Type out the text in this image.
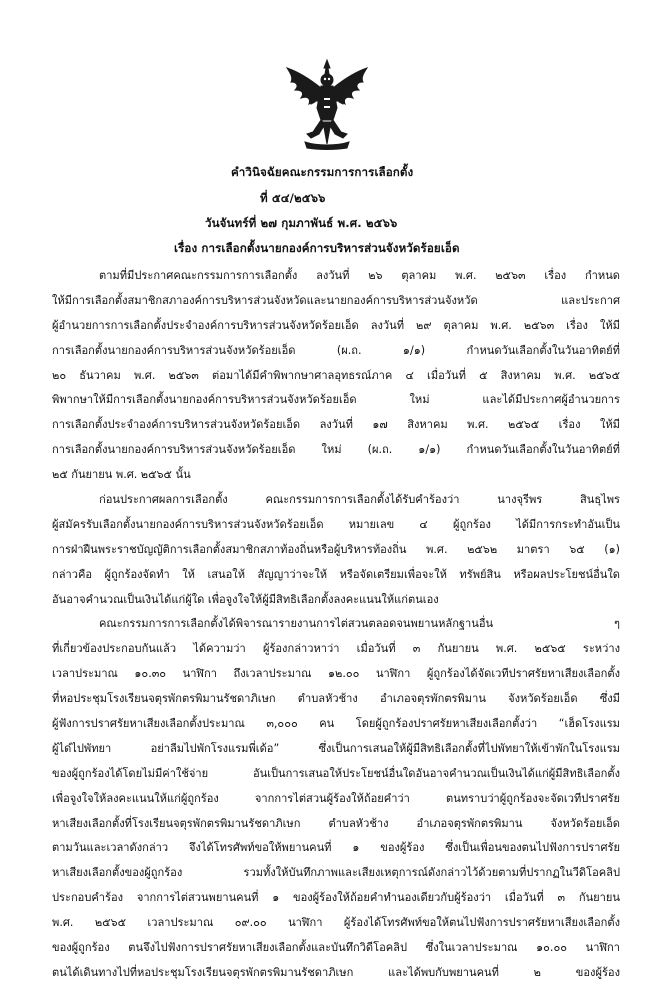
คำวินิจฉัยคณะกรรมการการเลือกตั้ง
ที่ ๕๔/๒๕๖๖
วันจันทร์ที่ ๒๗ กุมภาพันธ์ พ.ศ. ๒๕๖๖
เรื่อง การเลือกตั้งนายกองค์การบริหารส่วนจังหวัดร้อยเอ็ด
ตามที่มีประกาศคณะกรรมการการเลือกตั้ง ลงวันที่ ๒๖ ตุลาคม พ.ศ. ๒๕๖๓ เรื่อง กำหนด
ให้มีการเลือกตั้งสมาชิกสภาองค์การบริหารส่วนจังหวัดและนายกองค์การบริหารส่วนจังหวัด และประกาศ
ผู้อำนวยการการเลือกตั้งประจำองค์การบริหารส่วนจังหวัดร้อยเอ็ด ลงวันที่ ๒๙ ตุลาคม พ.ศ. ๒๕๖๓ เรื่อง ให้มี
การเลือกตั้งนายกองค์การบริหารส่วนจังหวัดร้อยเอ็ด (ผ.ถ. ๑/๑) กำหนดวันเลือกตั้งในวันอาทิตย์ที่
๒๐ ธันวาคม พ.ศ. ๒๕๖๓ ต่อมาได้มีคำพิพากษาศาลอุทธรณ์ภาค ๔ เมื่อวันที่ ๕ สิงหาคม พ.ศ. ๒๕๖๕
พิพากษาให้มีการเลือกตั้งนายกองค์การบริหารส่วนจังหวัดร้อยเอ็ด ใหม่ และได้มีประกาศผู้อำนวยการ
การเลือกตั้งประจำองค์การบริหารส่วนจังหวัดร้อยเอ็ด ลงวันที่ ๑๗ สิงหาคม พ.ศ. ๒๕๖๕ เรื่อง ให้มี
การเลือกตั้งนายกองค์การบริหารส่วนจังหวัดร้อยเอ็ด ใหม่ (ผ.ถ. ๑/๑) กำหนดวันเลือกตั้งในวันอาทิตย์ที่
๒๕ กันยายน พ.ศ. ๒๕๖๕ นั้น
ก่อนประกาศผลการเลือกตั้ง คณะกรรมการการเลือกตั้งได้รับคำร้องว่า นางจุรีพร สินธุไพร
ผู้สมัครรับเลือกตั้งนายกองค์การบริหารส่วนจังหวัดร้อยเอ็ด หมายเลข ๔ ผู้ถูกร้อง ได้มีการกระทำอันเป็น
การฝ่าฝืนพระราชบัญญัติการเลือกตั้งสมาชิกสภาท้องถิ่นหรือผู้บริหารท้องถิ่น พ.ศ. ๒๕๖๒ มาตรา ๖๕ (๑)
กล่าวคือ ผู้ถูกร้องจัดทำ ให้ เสนอให้ สัญญาว่าจะให้ หรือจัดเตรียมเพื่อจะให้ ทรัพย์สิน หรือผลประโยชน์อื่นใด
อันอาจคำนวณเป็นเงินได้แก่ผู้ใด เพื่อจูงใจให้ผู้มีสิทธิเลือกตั้งลงคะแนนให้แก่ตนเอง
คณะกรรมการการเลือกตั้งได้พิจารณารายงานการไต่สวนตลอดจนพยานหลักฐานอื่น ๆ
ที่เกี่ยวข้องประกอบกันแล้ว ได้ความว่า ผู้ร้องกล่าวหาว่า เมื่อวันที่ ๓ กันยายน พ.ศ. ๒๕๖๕ ระหว่าง
เวลาประมาณ ๑๐.๓๐ นาฬิกา ถึงเวลาประมาณ ๑๒.๐๐ นาฬิกา ผู้ถูกร้องได้จัดเวทีปราศรัยหาเสียงเลือกตั้ง
ที่หอประชุมโรงเรียนจตุรพักตรพิมานรัชดาภิเษก ตำบลหัวช้าง อำเภอจตุรพักตรพิมาน จังหวัดร้อยเอ็ด ซึ่งมี
ผู้ฟังการปราศรัยหาเสียงเลือกตั้งประมาณ ๓,๐๐๐ คน โดยผู้ถูกร้องปราศรัยหาเสียงเลือกตั้งว่า “เฮ็ดโรงแรม
ผู้ได๋ไปพัทยา อย่าลืมไปพักโรงแรมพี่เด้อ” ซึ่งเป็นการเสนอให้ผู้มีสิทธิเลือกตั้งที่ไปพัทยาให้เข้าพักในโรงแรม
ของผู้ถูกร้องได้โดยไม่มีค่าใช้จ่าย อันเป็นการเสนอให้ประโยชน์อื่นใดอันอาจคำนวณเป็นเงินได้แก่ผู้มีสิทธิเลือกตั้ง
เพื่อจูงใจให้ลงคะแนนให้แก่ผู้ถูกร้อง จากการไต่สวนผู้ร้องให้ถ้อยคำว่า ตนทราบว่าผู้ถูกร้องจะจัดเวทีปราศรัย
หาเสียงเลือกตั้งที่โรงเรียนจตุรพักตรพิมานรัชดาภิเษก ตำบลหัวช้าง อำเภอจตุรพักตรพิมาน จังหวัดร้อยเอ็ด
ตามวันและเวลาดังกล่าว จึงได้โทรศัพท์ขอให้พยานคนที่ ๑ ของผู้ร้อง ซึ่งเป็นเพื่อนของตนไปฟังการปราศรัย
หาเสียงเลือกตั้งของผู้ถูกร้อง รวมทั้งให้บันทึกภาพและเสียงเหตุการณ์ดังกล่าวไว้ด้วยตามที่ปรากฏในวีดิโอคลิป
ประกอบคำร้อง จากการไต่สวนพยานคนที่ ๑ ของผู้ร้องให้ถ้อยคำทำนองเดียวกับผู้ร้องว่า เมื่อวันที่ ๓ กันยายน
พ.ศ. ๒๕๖๕ เวลาประมาณ ๐๙.๐๐ นาฬิกา ผู้ร้องได้โทรศัพท์ขอให้ตนไปฟังการปราศรัยหาเสียงเลือกตั้ง
ของผู้ถูกร้อง ตนจึงไปฟังการปราศรัยหาเสียงเลือกตั้งและบันทึกวิดีโอคลิป ซึ่งในเวลาประมาณ ๑๐.๐๐ นาฬิกา
ตนได้เดินทางไปที่หอประชุมโรงเรียนจตุรพักตรพิมานรัชดาภิเษก และได้พบกับพยานคนที่ ๒ ของผู้ร้อง
